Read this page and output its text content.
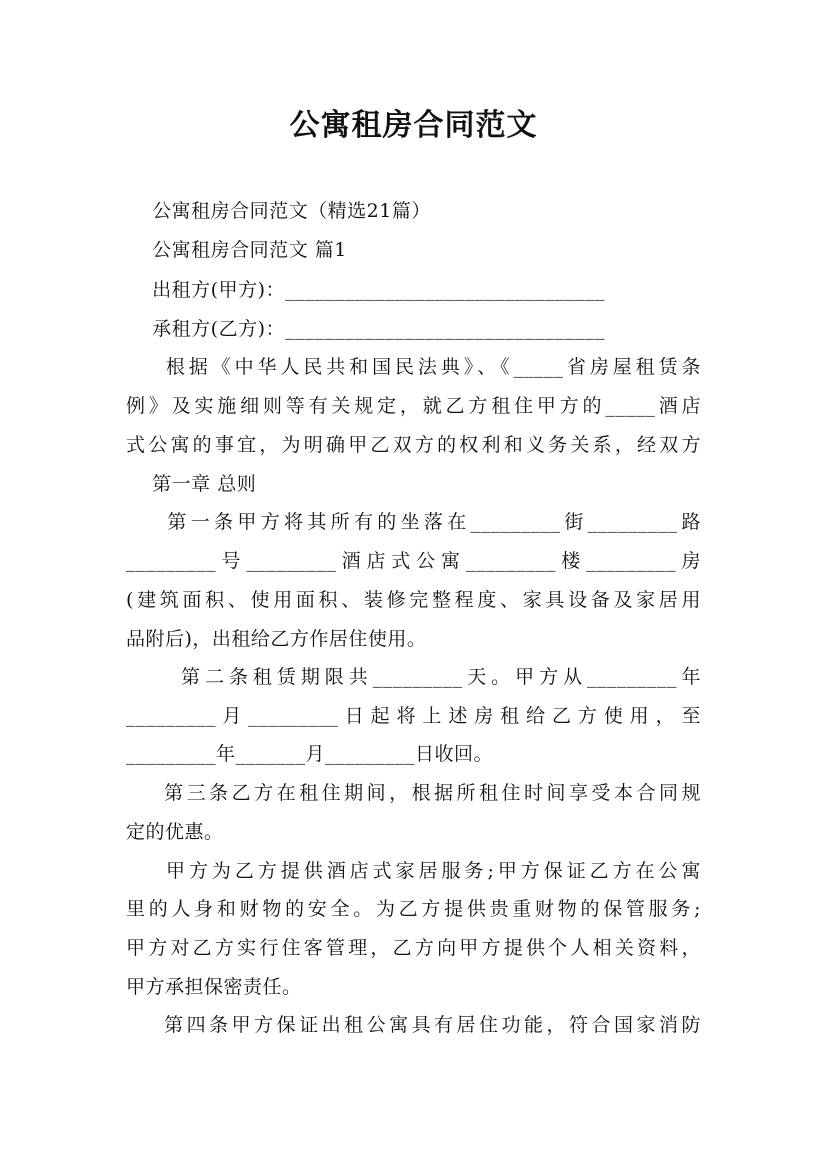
公寓租房合同范文
公寓租房合同范文（精选21篇）
公寓租房合同范文 篇1
出租方(甲方)：________________________________
承租方(乙方)：________________________________
根据《中华人民共和国民法典》、《_____省房屋租赁条
例》及实施细则等有关规定，就乙方租住甲方的_____酒店
式公寓的事宜，为明确甲乙双方的权利和义务关系，经双方
第一章 总则
第一条甲方将其所有的坐落在_________街_________路
_________号_________酒店式公寓_________楼_________房
(建筑面积、使用面积、装修完整程度、家具设备及家居用
品附后)，出租给乙方作居住使用。
第二条租赁期限共_________天。甲方从_________年
_________月_________日起将上述房租给乙方使用，至
_________年_______月_________日收回。
第三条乙方在租住期间，根据所租住时间享受本合同规
定的优惠。
甲方为乙方提供酒店式家居服务;甲方保证乙方在公寓
里的人身和财物的安全。为乙方提供贵重财物的保管服务;
甲方对乙方实行住客管理，乙方向甲方提供个人相关资料，
甲方承担保密责任。
第四条甲方保证出租公寓具有居住功能，符合国家消防
